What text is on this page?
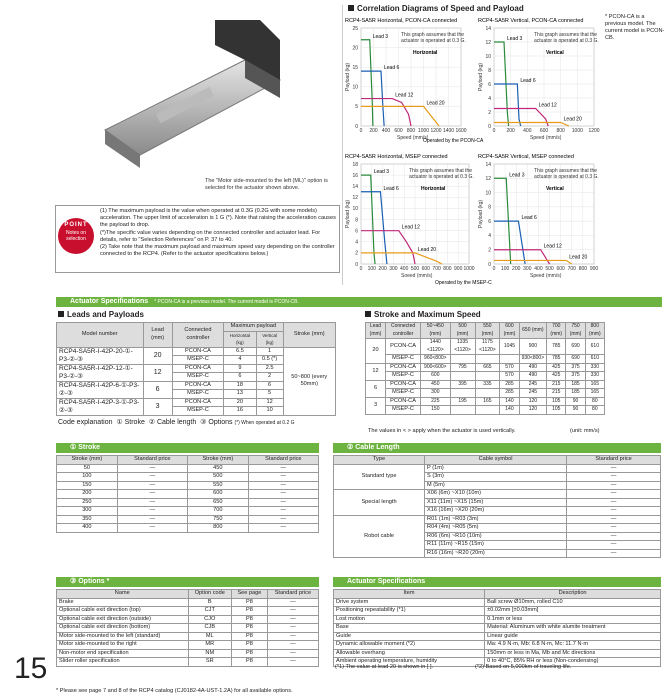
The "Motor side-mounted to the left (ML)" option is selected for the actuator shown above.
POINT
Notes on selection

(1) The maximum payload is the value when operated at 0.3G (0.2G with some models) acceleration. The upper limit of acceleration is 1 G (*). Note that raising the acceleration causes the payload to drop.

(*)The specific value varies depending on the connected controller and actuator lead. For details, refer to "Selection References" on P. 37 to 40.

(2) Take note that the maximum payload and maximum speed vary depending on the controller connected to the RCP4. (Refer to the actuator specifications below.)

Correlation Diagrams of Speed and Payload
* PCON-CA is a previous model. The current model is PCON-CB.
RCP4-SA5R Horizontal, PCON-CA connected
0
5
10
15
20
25
0 200 400 600 800 1000 1200 1400 1600
Payload (kg)
Speed (mm/s)
Horizontal
This graph assumes that the
actuator is operated at 0.3 G.
Lead 3
Lead 6
Lead 12
Lead 20
RCP4-SA5R Vertical, PCON-CA connected
0
2
4
6
8
10
12
14
0 200 400 600 800 1000 1200
Payload (kg)
Speed (mm/s)
Vertical
This graph assumes that the
actuator is operated at 0.3 G.
Lead 3
Lead 6
Lead 12
Lead 20
RCP4-SA5R Horizontal, MSEP connected
0
2
4
6
8
10
12
14
16
18
0 100 200 300 400 500 600 700 800 900 1000
Payload (kg)
Soeed (mm/s)
Horizontal
This graph assumes that the
actuator is operated at 0.3 G.
Lead 3
Lead 6
Lead 12
Lead 20
RCP4-SA5R Vertical, MSEP connected
0
2
4
6
8
10
12
14
0 100 200 300 400 500 600 700 800 900
Payload (kg)
Speed (mm/s)
Vertical
This graph assumes that the
actuator is operated at 0.3 G.
Lead 3
Lead 6
Lead 12
Lead 20
Operated by the PCON-CA
Operated by the MSEP-C
Actuator Specifications * PCON-CA is a previous model. The current model is PCON-CB.
Leads and Payloads
Model number	Lead (mm)	Connected controller	Maximum payload		Stroke (mm)
			Horizontal (kg)	Vertical (kg)	
RCP4-SA5R-I-42P-20-①-P3-②-③	20	PCON-CA	6.5	1	50~800 (every 50mm)
		MSEP-C	4	0.5 (*)	
RCP4-SA5R-I-42P-12-①-P3-②-③	12	PCON-CA	9	2.5	
		MSEP-C	6	2	
RCP4-SA5R-I-42P-6-①-P3-②-③	6	PCON-CA	18	6	
		MSEP-C	13	5	
RCP4-SA5R-I-42P-3-①-P3-②-③	3	PCON-CA	20	12	
		MSEP-C	16	10	
Code explanation ① Stroke ② Cable length ③ Options (*) When operated at 0.2 G
Stroke and Maximum Speed
Lead (mm)	Connected controller	50~450 (mm)	500 (mm)	550 (mm)	600 (mm)	650 (mm)	700 (mm)	750 (mm)	800 (mm)
20	PCON-CA	1440 <1120>	1335 <1120>	1175 <1120>	1045	900	785	690	610
	MSEP-C	960<800>				930<800>	785	690	610
12	PCON-CA	900<600>	795	665	570	490	425	375	330
	MSEP-C	600			570	490	425	375	330
6	PCON-CA	450	395	335	285	245	215	185	165
	MSEP-C	300			285	245	215	185	165
3	PCON-CA	225	195	165	140	120	105	90	80
	MSEP-C	150			140	120	105	90	80
The values in < > apply when the actuator is used vertically.	(unit: mm/s)
① Stroke
Stroke (mm)	Standard price	Stroke (mm)	Standard price
50	—	450	—
100	—	500	—
150	—	550	—
200	—	600	—
250	—	650	—
300	—	700	—
350	—	750	—
400	—	800	—
② Cable Length
Type	Cable symbol	Standard price
Standard type	P (1m)	—
	S (3m)	—
	M (5m)	—
Special length	X06 (6m) ~X10 (10m)	—
	X11 (11m) ~X15 (15m)	—
	X16 (16m) ~X20 (20m)	—
Robot cable	R01 (1m) ~R03 (3m)	—
	R04 (4m) ~R05 (5m)	—
	R06 (6m) ~R10 (10m)	—
	R11 (11m) ~R15 (15m)	—
	R16 (16m) ~R20 (20m)	—
③ Options *
Name	Option code	See page	Standard price
Brake	B	P8	—
Optional cable exit direction (top)	CJT	P8	—
Optional cable exit direction (outside)	CJO	P8	—
Optional cable exit direction (bottom)	CJB	P8	—
Motor side-mounted to the left (standard)	ML	P8	—
Motor side-mounted to the right	MR	P8	—
Non-motor end specification	NM	P8	—
Slider roller specification	SR	P8	—
Actuator Specifications
Item	Description
Drive system	Ball screw Ø10mm, rolled C10
Positioning repeatability (*1)	±0.02mm [±0.03mm]
Lost motion	0.1mm or less
Base	Material: Aluminum with white alumite treatment
Guide	Linear guide
Dynamic allowable moment (*2)	Ma: 4.9 N·m, Mb: 6.8 N·m, Mc: 11.7 N·m
Allowable overhang	150mm or less in Ma, Mb and Mc directions
Ambient operating temperature, humidity	0 to 40°C, 85% RH or less (Non-condensing)
(*1) The value at lead 20 is shown in [ ].	(*2) Based on 5,000km of traveling life.
15
* Please see page 7 and 8 of the RCP4 catalog (CJ0182-4A-UST-1.2A) for all available options.
